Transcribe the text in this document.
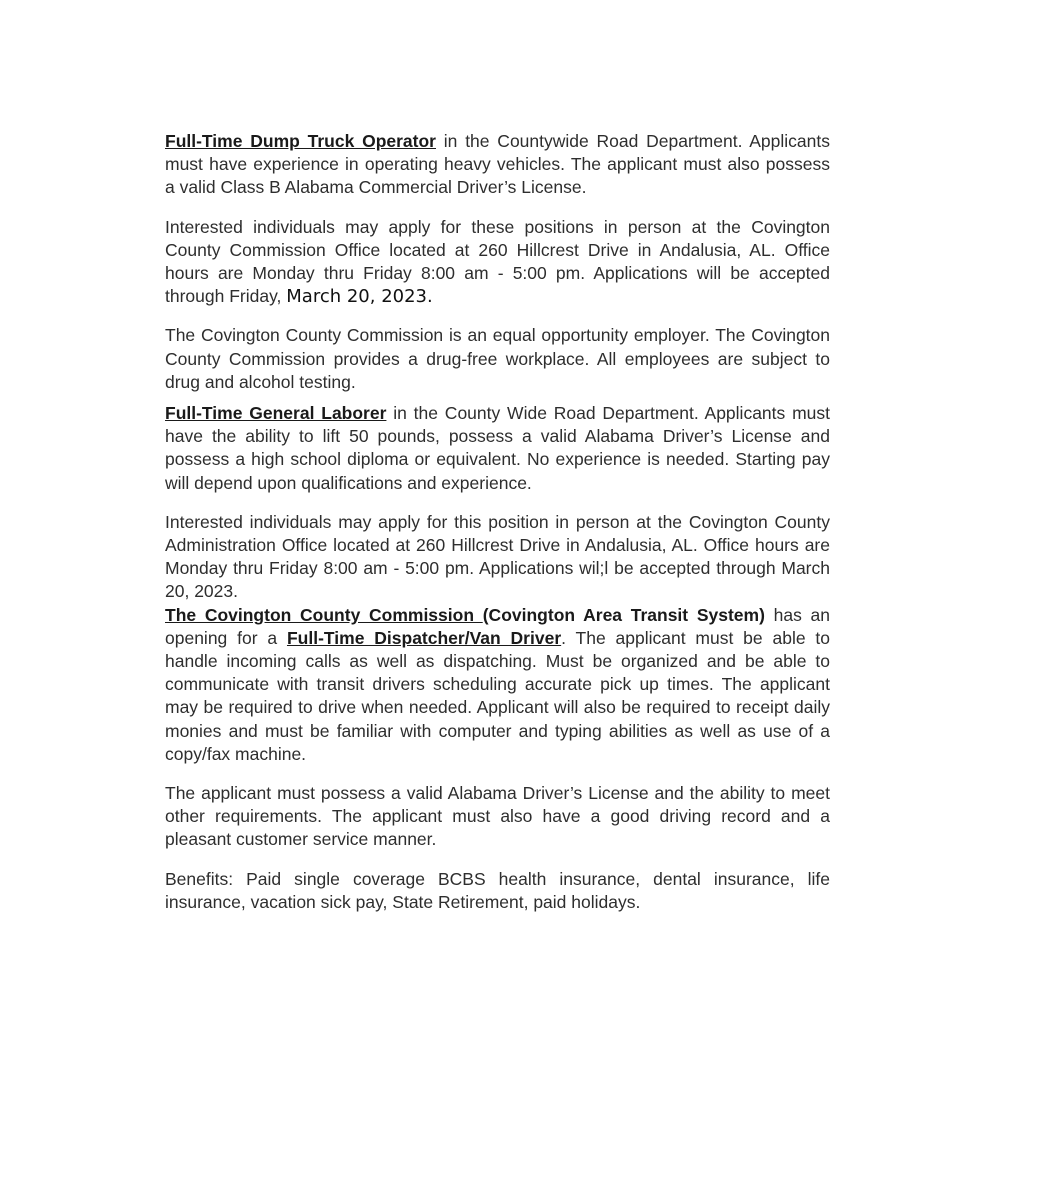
Full-Time Dump Truck Operator in the Countywide Road Department. Applicants must have experience in operating heavy vehicles. The applicant must also possess a valid Class B Alabama Commercial Driver’s License.

Interested individuals may apply for these positions in person at the Covington County Commission Office located at 260 Hillcrest Drive in Andalusia, AL. Office hours are Monday thru Friday 8:00 am - 5:00 pm. Applications will be accepted through Friday, March 20, 2023.

The Covington County Commission is an equal opportunity employer. The Covington County Commission provides a drug-free workplace. All employees are subject to drug and alcohol testing.

Full-Time General Laborer in the County Wide Road Department. Applicants must have the ability to lift 50 pounds, possess a valid Alabama Driver’s License and possess a high school diploma or equivalent. No experience is needed. Starting pay will depend upon qualifications and experience.

Interested individuals may apply for this position in person at the Covington County Administration Office located at 260 Hillcrest Drive in Andalusia, AL. Office hours are Monday thru Friday 8:00 am - 5:00 pm. Applications wil;l be accepted through March 20, 2023.

The Covington County Commission (Covington Area Transit System) has an opening for a Full-Time Dispatcher/Van Driver. The applicant must be able to handle incoming calls as well as dispatching. Must be organized and be able to communicate with transit drivers scheduling accurate pick up times. The applicant may be required to drive when needed. Applicant will also be required to receipt daily monies and must be familiar with computer and typing abilities as well as use of a copy/fax machine.

The applicant must possess a valid Alabama Driver’s License and the ability to meet other requirements. The applicant must also have a good driving record and a pleasant customer service manner.

Benefits: Paid single coverage BCBS health insurance, dental insurance, life insurance, vacation sick pay, State Retirement, paid holidays.
